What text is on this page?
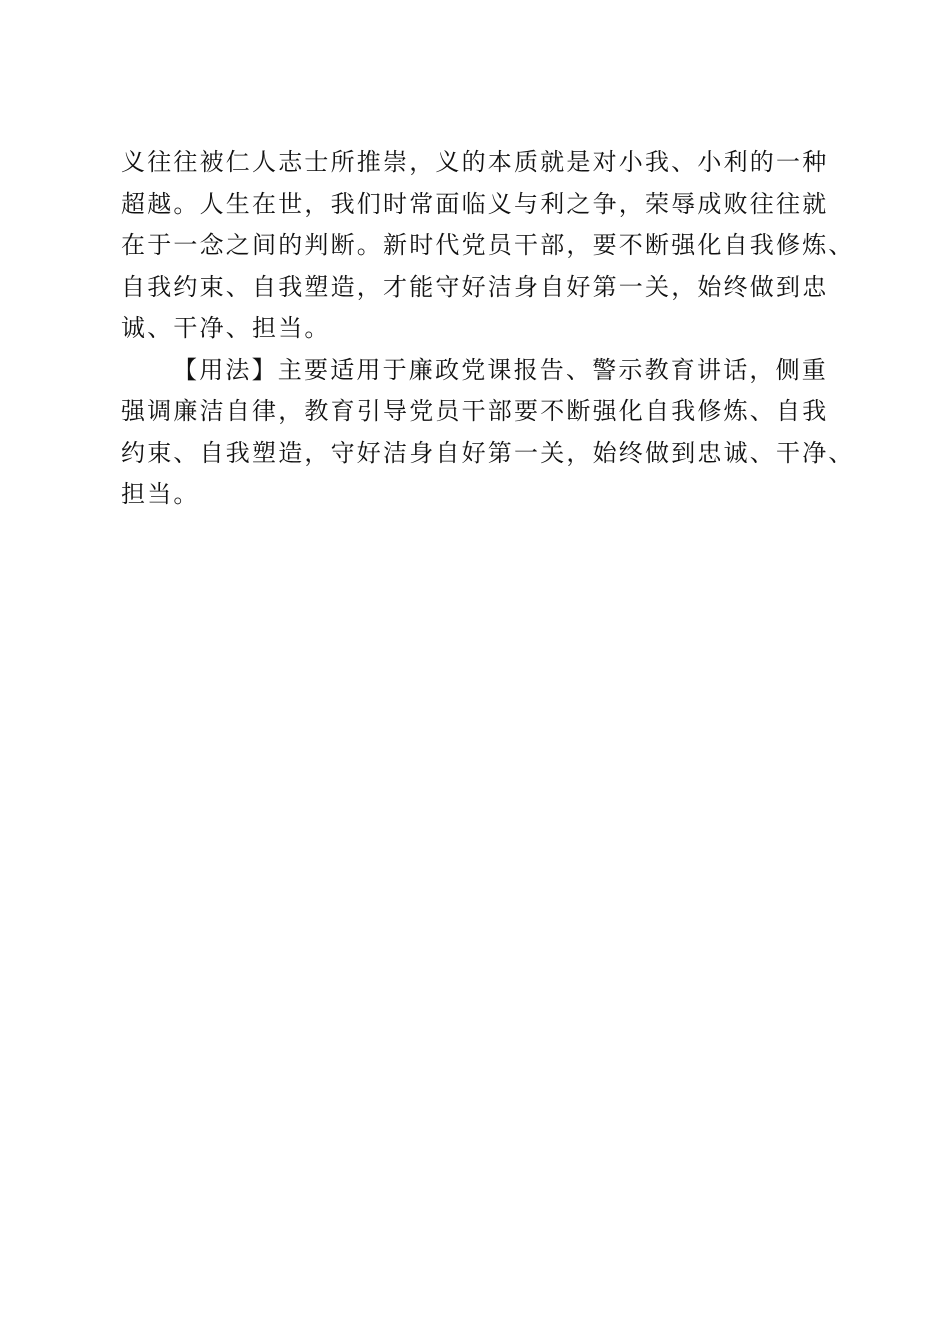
义往往被仁人志士所推崇，义的本质就是对小我、小利的一种
超越。人生在世，我们时常面临义与利之争，荣辱成败往往就
在于一念之间的判断。新时代党员干部，要不断强化自我修炼、
自我约束、自我塑造，才能守好洁身自好第一关，始终做到忠
诚、干净、担当。
【用法】主要适用于廉政党课报告、警示教育讲话，侧重
强调廉洁自律，教育引导党员干部要不断强化自我修炼、自我
约束、自我塑造，守好洁身自好第一关，始终做到忠诚、干净、
担当。
